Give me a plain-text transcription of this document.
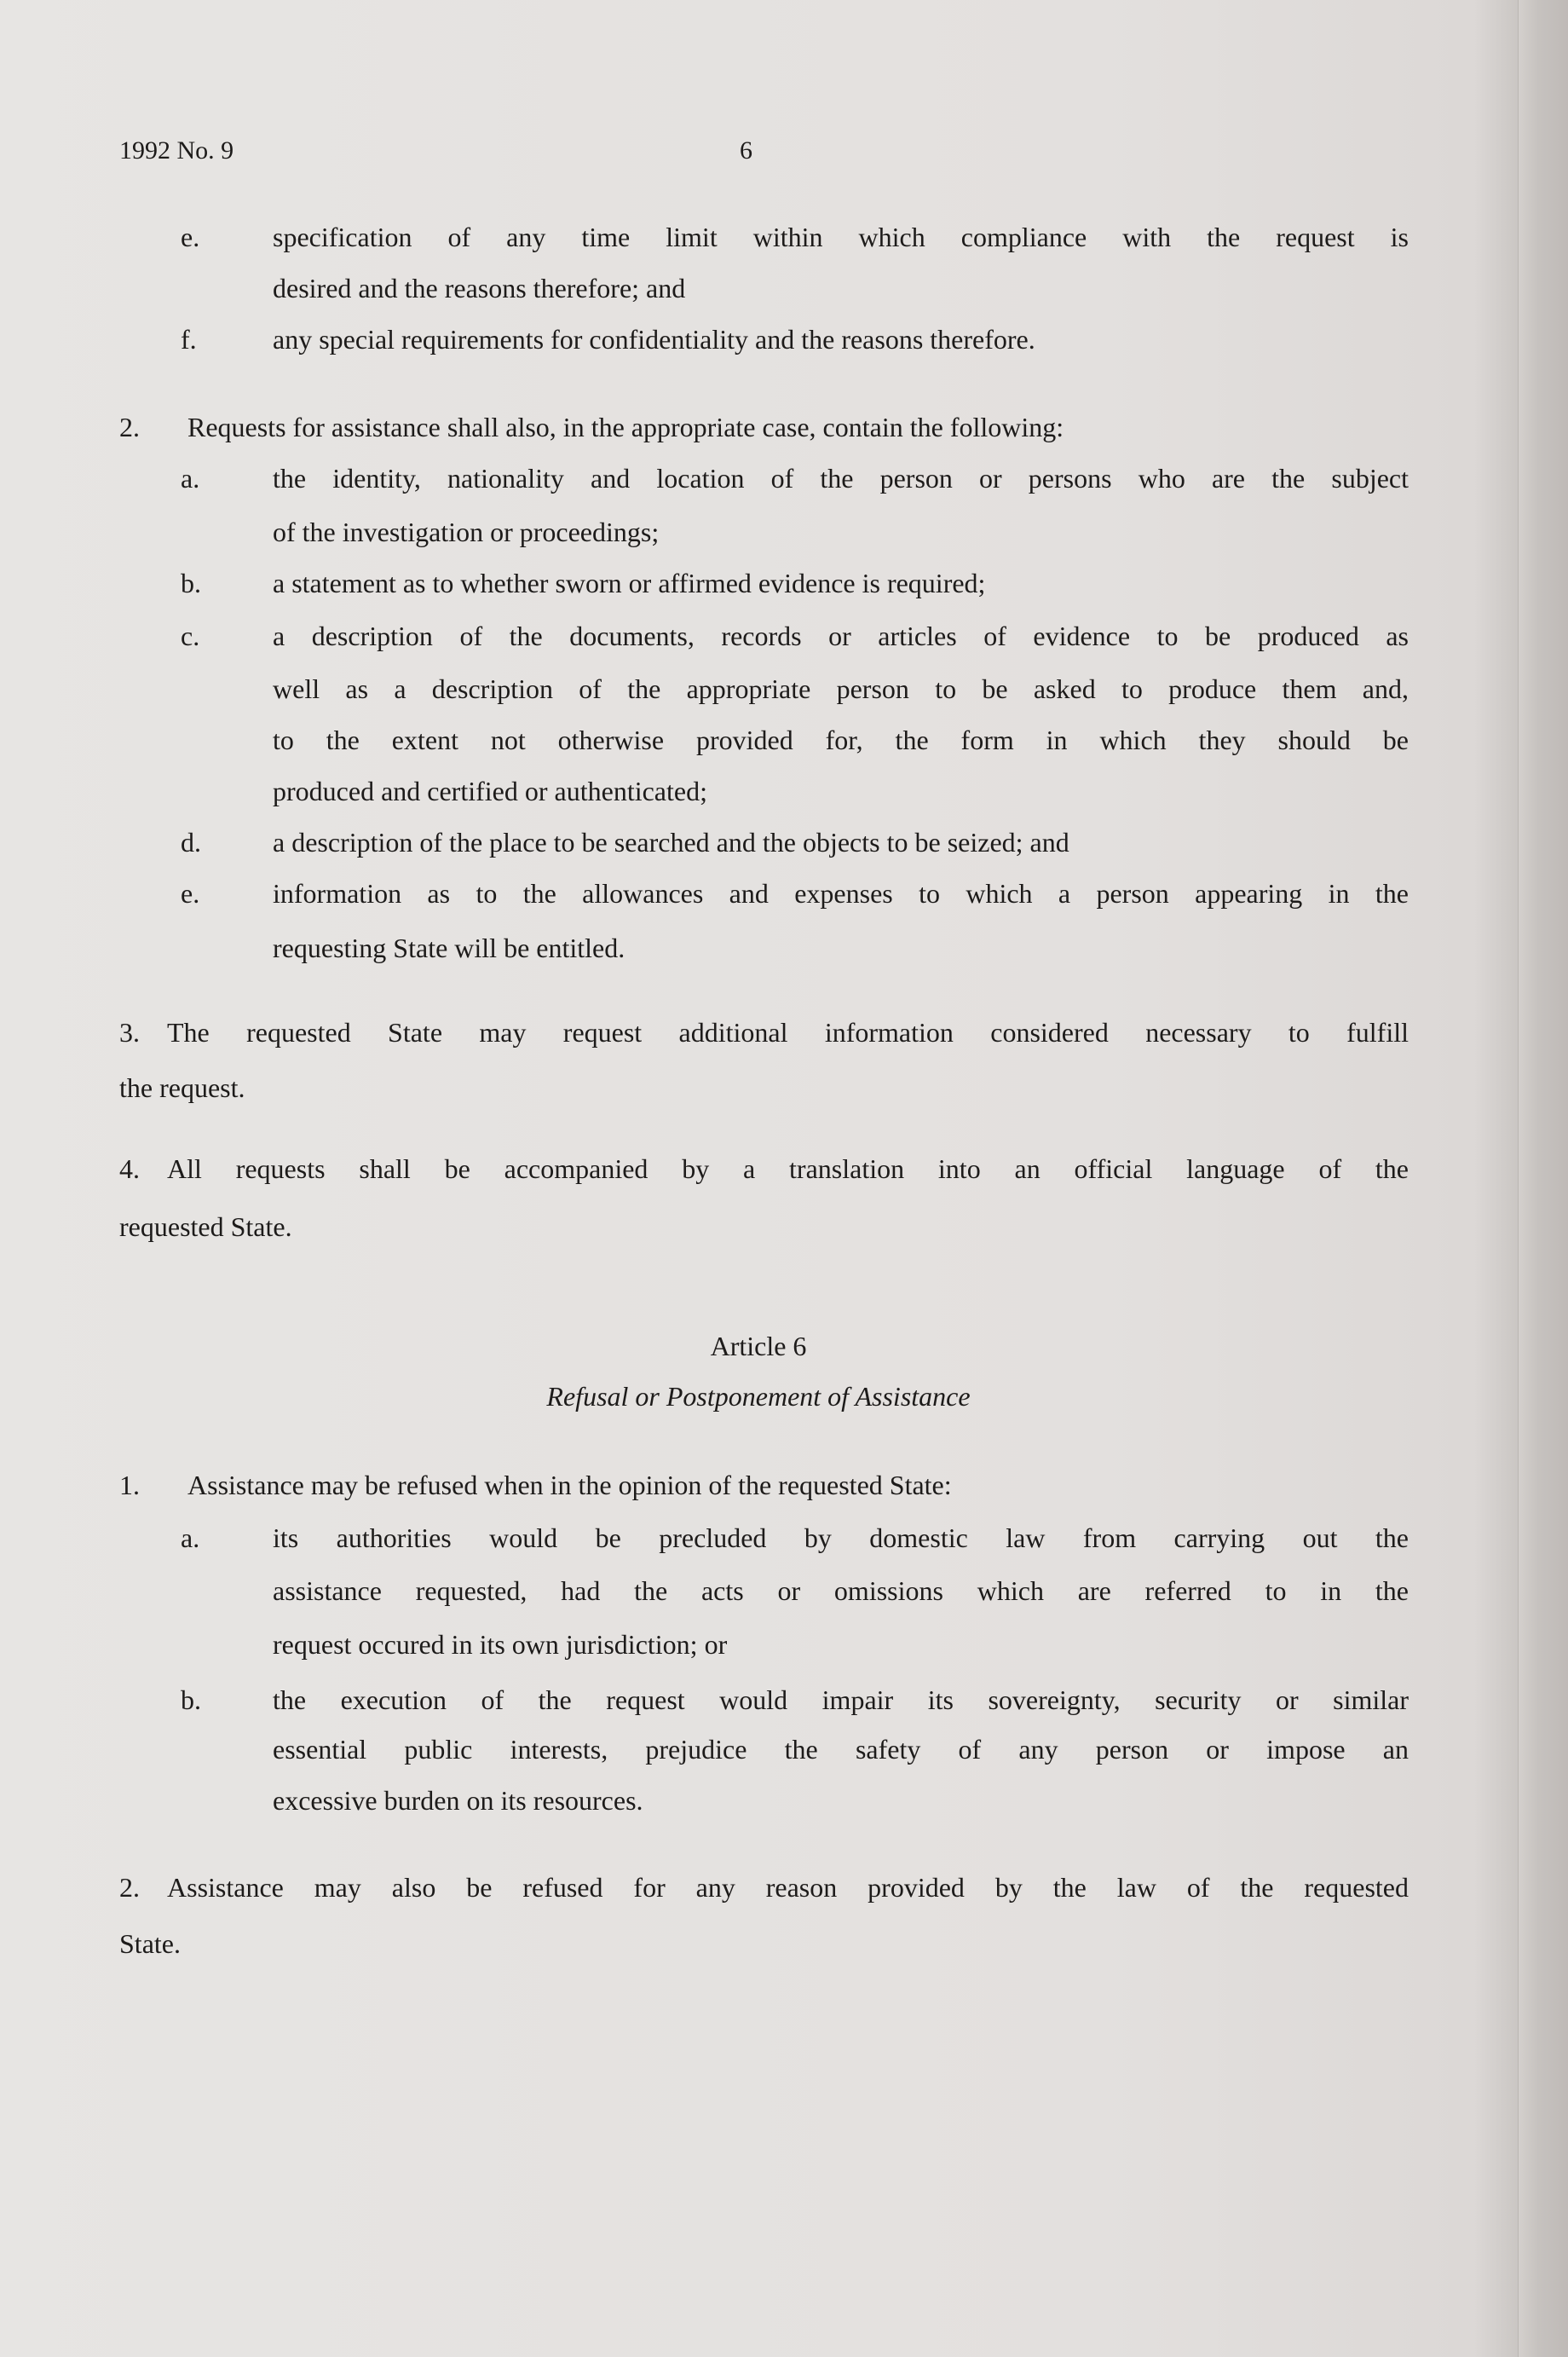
1992 No. 9	6
e.	specification of any time limit within which compliance with the request is
desired and the reasons therefore; and
f.	any special requirements for confidentiality and the reasons therefore.
2. Requests for assistance shall also, in the appropriate case, contain the following:
a.	the identity, nationality and location of the person or persons who are the subject
of the investigation or proceedings;
b.	a statement as to whether sworn or affirmed evidence is required;
c.	a description of the documents, records or articles of evidence to be produced as
well as a description of the appropriate person to be asked to produce them and,
to the extent not otherwise provided for, the form in which they should be
produced and certified or authenticated;
d.	a description of the place to be searched and the objects to be seized; and
e.	information as to the allowances and expenses to which a person appearing in the
requesting State will be entitled.
3. The requested State may request additional information considered necessary to fulfill
the request.
4. All requests shall be accompanied by a translation into an official language of the
requested State.
Article 6
Refusal or Postponement of Assistance
1. Assistance may be refused when in the opinion of the requested State:
a.	its authorities would be precluded by domestic law from carrying out the
assistance requested, had the acts or omissions which are referred to in the
request occured in its own jurisdiction; or
b.	the execution of the request would impair its sovereignty, security or similar
essential public interests, prejudice the safety of any person or impose an
excessive burden on its resources.
2. Assistance may also be refused for any reason provided by the law of the requested
State.
